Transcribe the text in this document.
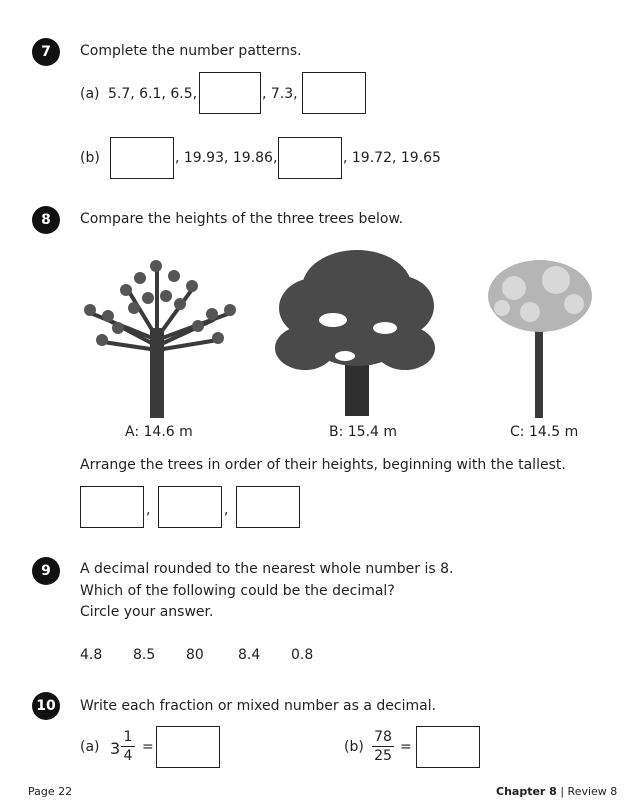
7	Complete the number patterns.
(a) 5.7, 6.1, 6.5,	, 7.3,
(b)	, 19.93, 19.86,	, 19.72, 19.65
8	Compare the heights of the three trees below.
A: 14.6 m	B: 15.4 m	C: 14.5 m
Arrange the trees in order of their heights, beginning with the tallest.
,	,
9	A decimal rounded to the nearest whole number is 8.
Which of the following could be the decimal?
Circle your answer.
4.8 8.5 80 8.4 0.8
10	Write each fraction or mixed number as a decimal.
(a) 3
1
4
=	(b)
78
25
=
Page 22	Chapter 8 | Review 8
